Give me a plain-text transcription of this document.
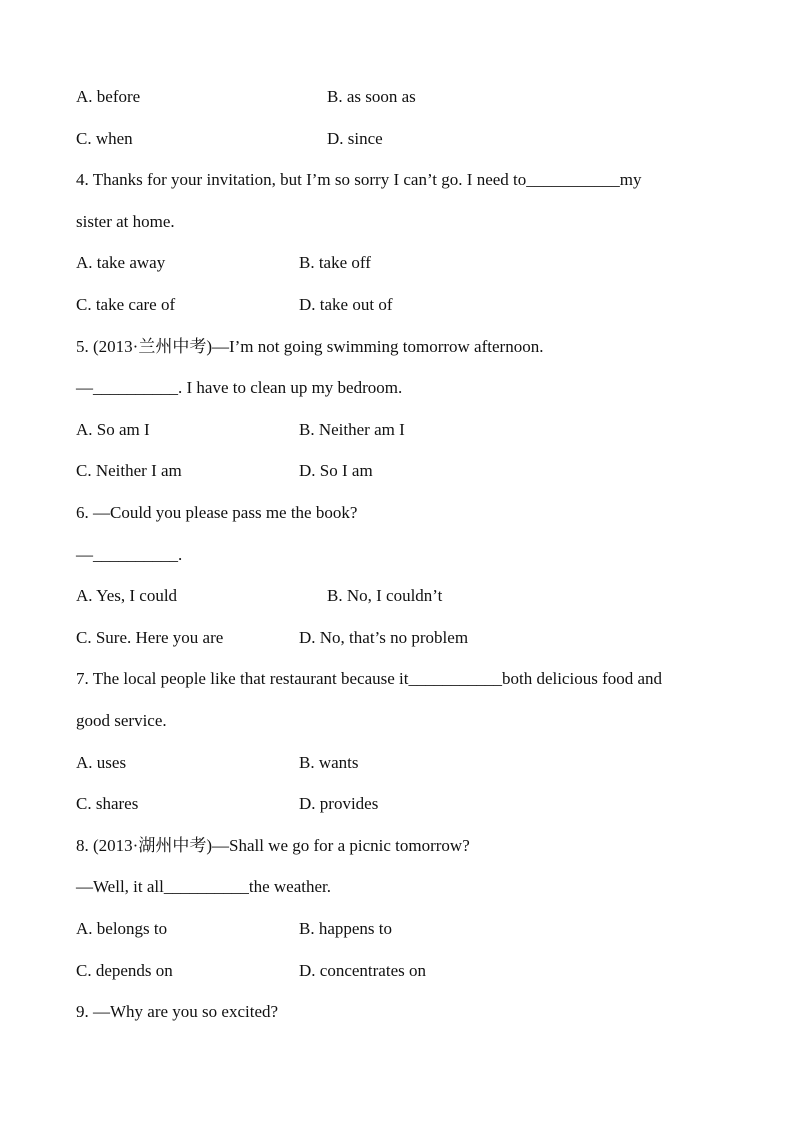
A. before	B. as soon as
C. when	D. since
4. Thanks for your invitation, but I’m so sorry I can’t go. I need to___________my
sister at home.
A. take away	B. take off
C. take care of	D. take out of
5. (2013·兰州中考)—I’m not going swimming tomorrow afternoon.
—__________. I have to clean up my bedroom.
A. So am I	B. Neither am I
C. Neither I am	D. So I am
6. —Could you please pass me the book?
—__________.
A. Yes, I could	B. No, I couldn’t
C. Sure. Here you are	D. No, that’s no problem
7. The local people like that restaurant because it___________both delicious food and
good service.
A. uses	B. wants
C. shares	D. provides
8. (2013·湖州中考)—Shall we go for a picnic tomorrow?
—Well, it all__________the weather.
A. belongs to	B. happens to
C. depends on	D. concentrates on
9. —Why are you so excited?
